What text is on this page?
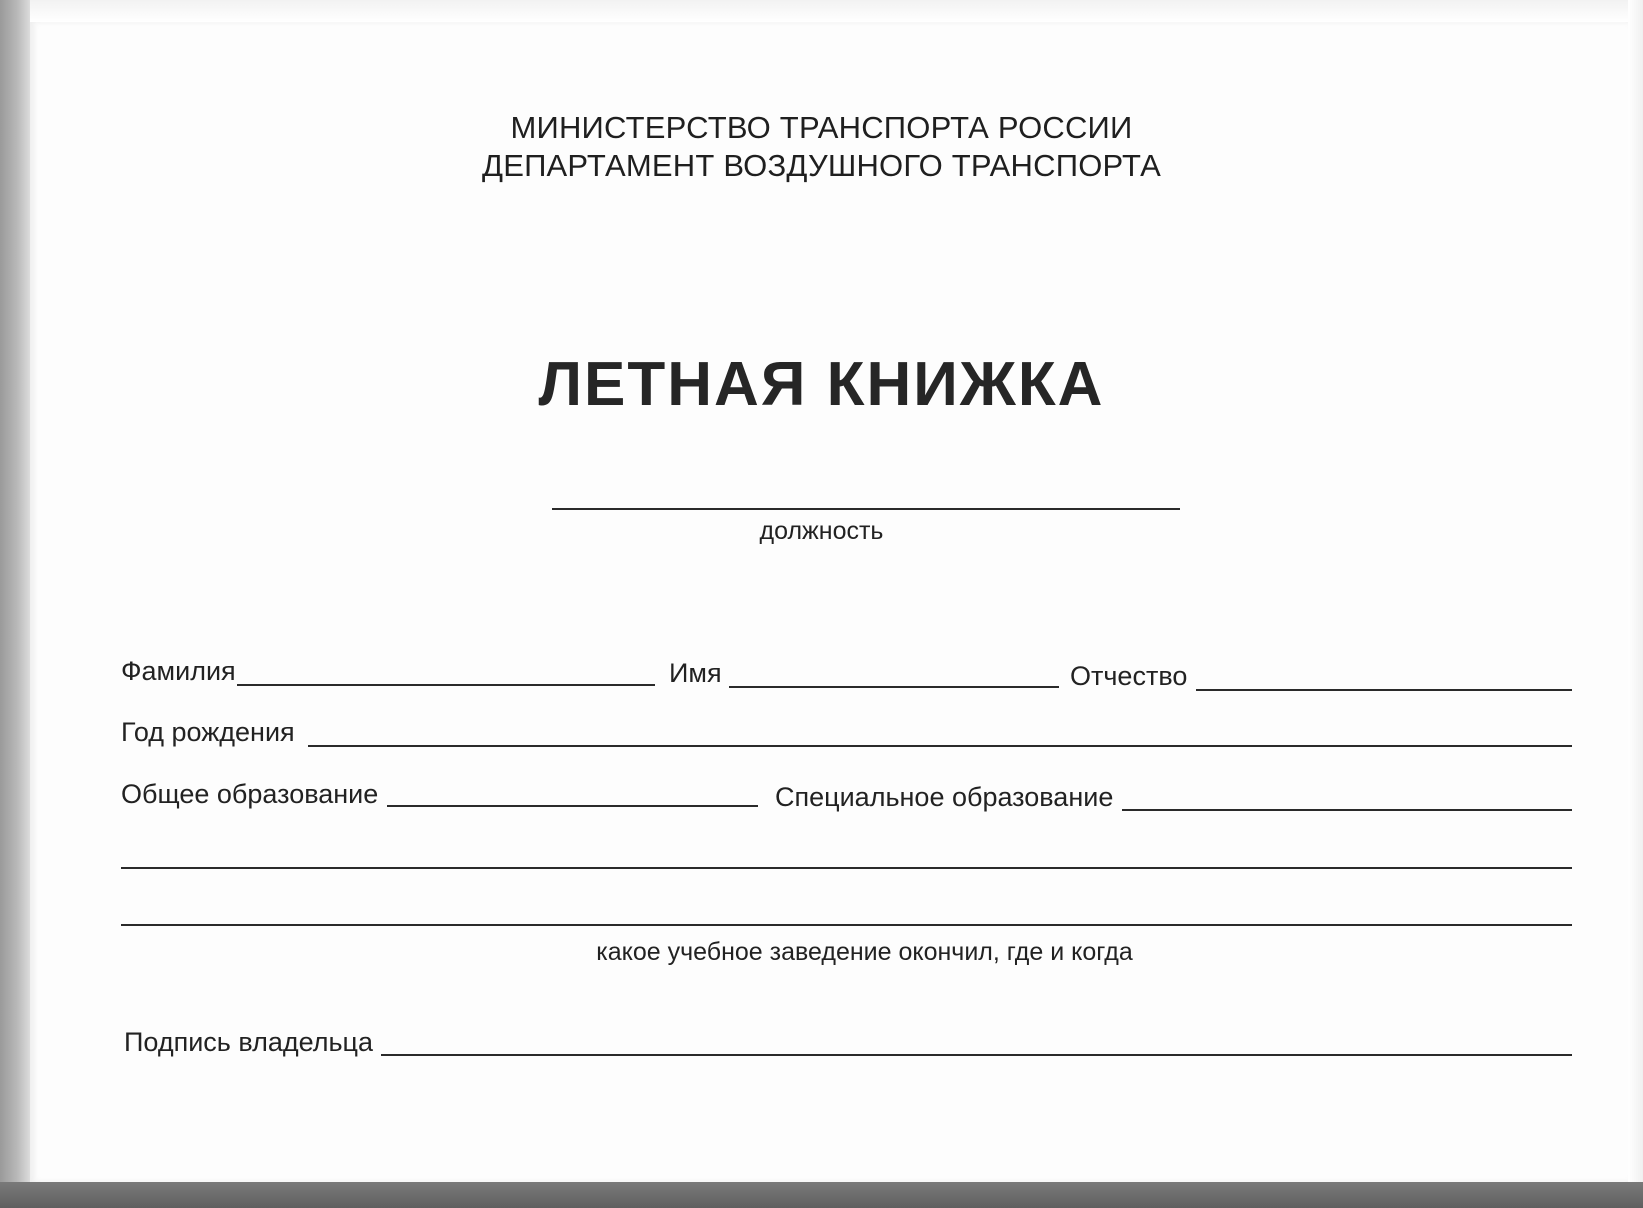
МИНИСТЕРСТВО ТРАНСПОРТА РОССИИ
ДЕПАРТАМЕНТ ВОЗДУШНОГО ТРАНСПОРТА
ЛЕТНАЯ КНИЖКА
должность
Фамилия	Имя	Отчество
Год рождения
Общее образование	Специальное образование
какое учебное заведение окончил, где и когда
Подпись владельца
